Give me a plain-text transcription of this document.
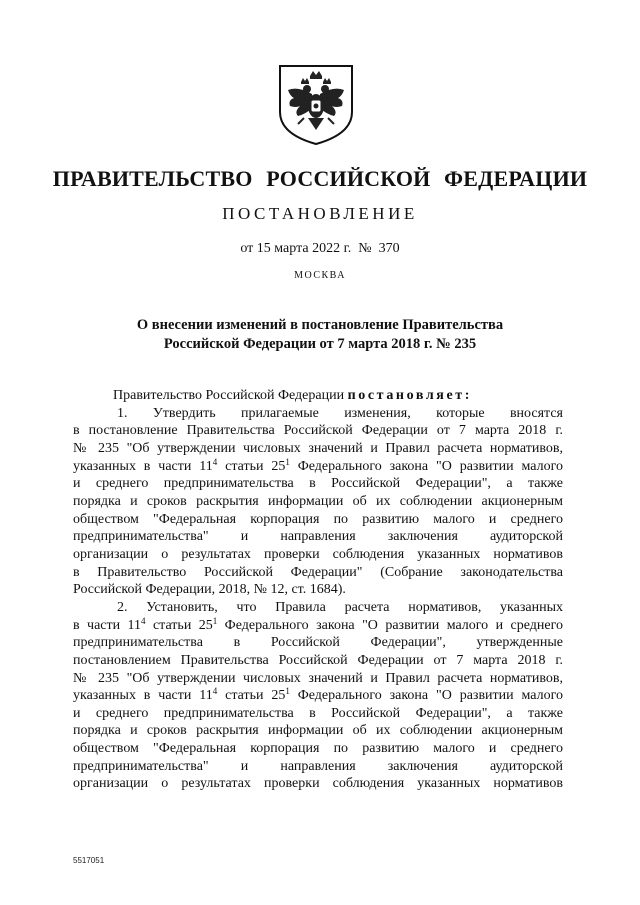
ПРАВИТЕЛЬСТВО РОССИЙСКОЙ ФЕДЕРАЦИИ
ПОСТАНОВЛЕНИЕ
от 15 марта 2022 г. № 370
МОСКВА
О внесении изменений в постановление Правительства
Российской Федерации от 7 марта 2018 г. № 235
Правительство Российской Федерации постановляет:
1. Утвердить прилагаемые изменения, которые вносятся
в постановление Правительства Российской Федерации от 7 марта 2018 г.
№ 235 "Об утверждении числовых значений и Правил расчета нормативов,
указанных в части $11^4$ статьи $25^1$ Федерального закона "О развитии малого
и среднего предпринимательства в Российской Федерации", а также
порядка и сроков раскрытия информации об их соблюдении акционерным
обществом "Федеральная корпорация по развитию малого и среднего
предпринимательства" и направления заключения аудиторской
организации о результатах проверки соблюдения указанных нормативов
в Правительство Российской Федерации" (Собрание законодательства
Российской Федерации, 2018, № 12, ст. 1684).
2. Установить, что Правила расчета нормативов, указанных
в части $11^4$ статьи $25^1$ Федерального закона "О развитии малого и среднего
предпринимательства в Российской Федерации", утвержденные
постановлением Правительства Российской Федерации от 7 марта 2018 г.
№ 235 "Об утверждении числовых значений и Правил расчета нормативов,
указанных в части $11^4$ статьи $25^1$ Федерального закона "О развитии малого
и среднего предпринимательства в Российской Федерации", а также
порядка и сроков раскрытия информации об их соблюдении акционерным
обществом "Федеральная корпорация по развитию малого и среднего
предпринимательства" и направления заключения аудиторской
организации о результатах проверки соблюдения указанных нормативов
5517051
